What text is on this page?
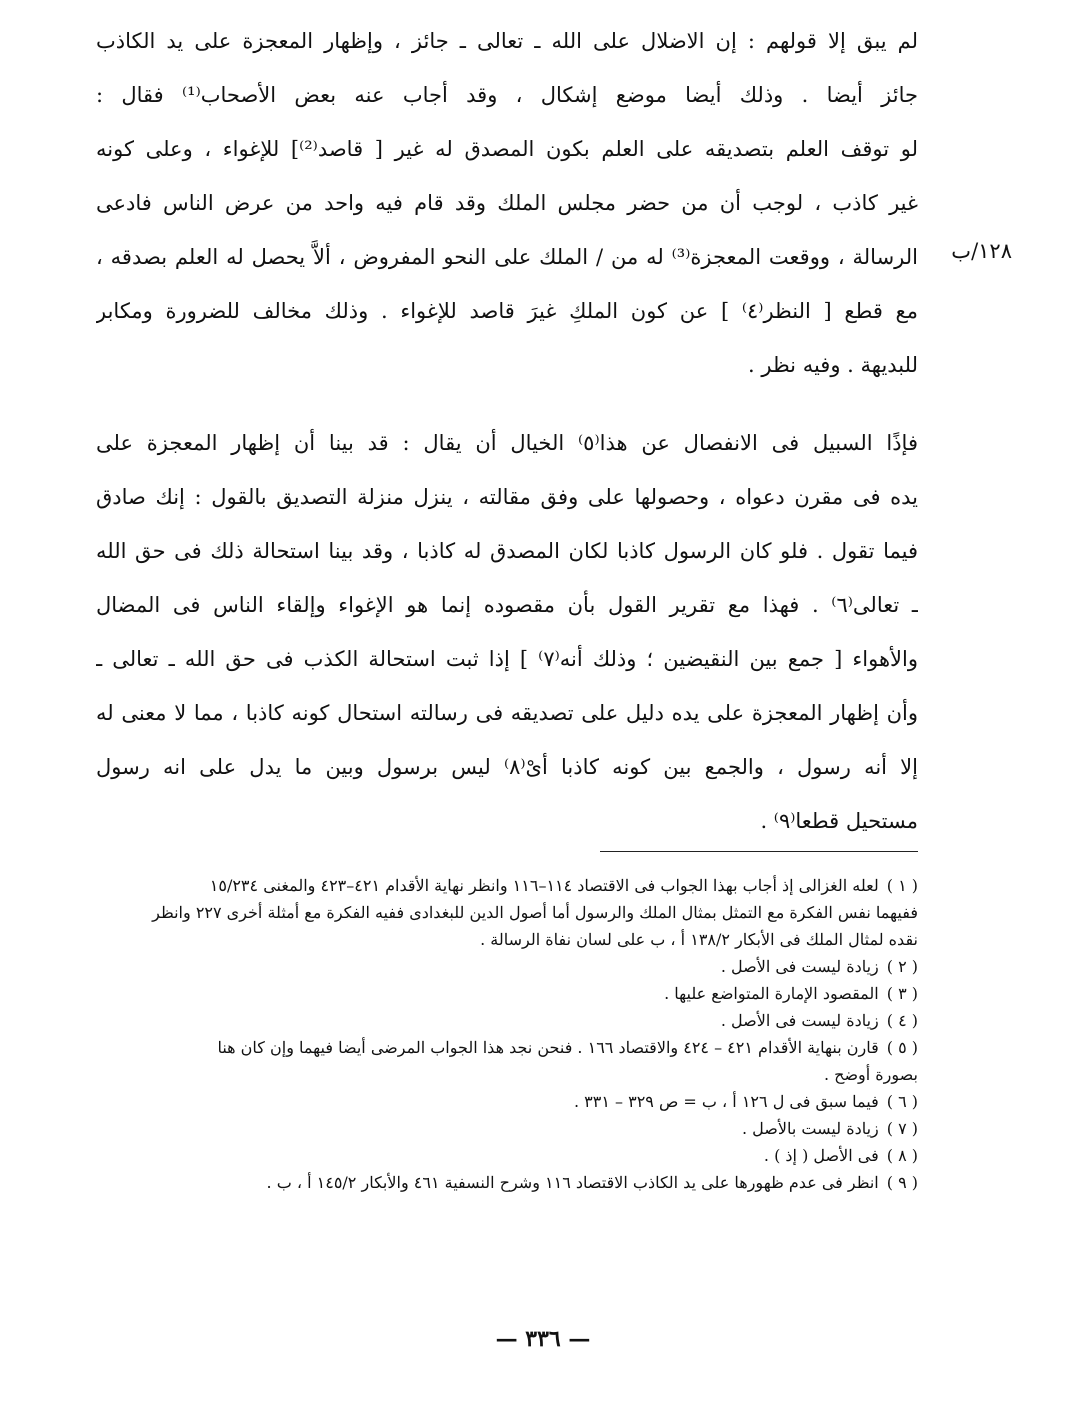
١٢٨/ب
لم يبق إلا قولهم : إن الاضلال على الله ـ تعالى ـ جائز ، وإظهار المعجزة على يد الكاذب
جائز أيضا . وذلك أيضا موضع إشكال ، وقد أجاب عنه بعض الأصحاب⁽¹⁾ فقال :
لو توقف العلم بتصديقه على العلم بكون المصدق له غير [ قاصد⁽²⁾] للإغواء ، وعلى كونه
غير كاذب ، لوجب أن من حضر مجلس الملك وقد قام فيه واحد من عرض الناس فادعى
الرسالة ، ووقعت المعجزة⁽³⁾ له من / الملك على النحو المفروض ، ألاَّ يحصل له العلم بصدقه ،
مع قطع [ النظر⁽٤⁾ ] عن كون الملكِ غيرَ قاصد للإغواء . وذلك مخالف للضرورة ومكابر
للبديهة . وفيه نظر .
فإذًا السبيل فى الانفصال عن هذا⁽٥⁾ الخيال أن يقال : قد بينا أن إظهار المعجزة على
يده فى مقرن دعواه ، وحصولها على وفق مقالته ، ينزل منزلة التصديق بالقول : إنك صادق
فيما تقول . فلو كان الرسول كاذبا لكان المصدق له كاذبا ، وقد بينا استحالة ذلك فى حق الله
ـ تعالى⁽٦⁾ . فهذا مع تقرير القول بأن مقصوده إنما هو الإغواء وإلقاء الناس فى المضال
والأهواء [ جمع بين النقيضين ؛ وذلك أنه⁽٧⁾ ] إذا ثبت استحالة الكذب فى حق الله ـ تعالى ـ
وأن إظهار المعجزة على يده دليل على تصديقه فى رسالته استحال كونه كاذبا ، مما لا معنى له
إلا أنه رسول ، والجمع بين كونه كاذبا أىْ⁽٨⁾ ليس برسول وبين ما يدل على انه رسول
مستحيل قطعا⁽٩⁾ .
( ١ )لعله الغزالى إذ أجاب بهذا الجواب فى الاقتصاد ١١٤–١١٦ وانظر نهاية الأقدام ٤٢١–٤٢٣ والمغنى ١٥/٢٣٤
ففيهما نفس الفكرة مع التمثل بمثال الملك والرسول أما أصول الدين للبغدادى ففيه الفكرة مع أمثلة أخرى ٢٢٧ وانظر
نقده لمثال الملك فى الأبكار ١٣٨/٢ أ ، ب على لسان نفاة الرسالة .
( ٢ )زيادة ليست فى الأصل .
( ٣ )المقصود الإمارة المتواضع عليها .
( ٤ )زيادة ليست فى الأصل .
( ٥ )قارن بنهاية الأقدام ٤٢١ – ٤٢٤ والاقتصاد ١٦٦ . فنحن نجد هذا الجواب المرضى أيضا فيهما وإن كان هنا
بصورة أوضح .
( ٦ )فيما سبق فى ل ١٢٦ أ ، ب = ص ٣٢٩ – ٣٣١ .
( ٧ )زيادة ليست بالأصل .
( ٨ )فى الأصل ( إذ ) .
( ٩ )انظر فى عدم ظهورها على يد الكاذب الاقتصاد ١١٦ وشرح النسفية ٤٦١ والأبكار ١٤٥/٢ أ ، ب .
— ٣٣٦ —
